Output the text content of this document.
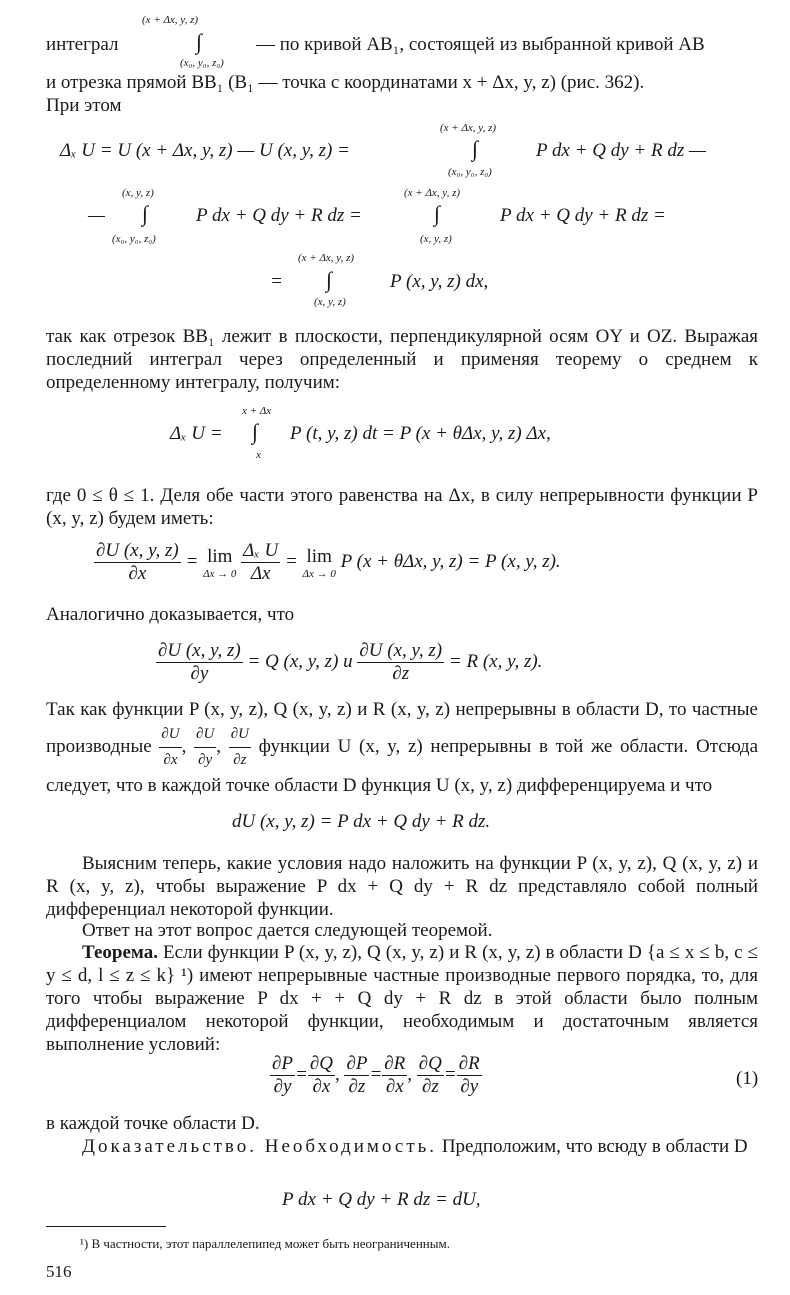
(x + Δx, y, z)
интеграл	∫	— по кривой AB₁, состоящей из выбранной кривой AB
(x₀, y₀, z₀)
и отрезка прямой BB₁ (B₁ — точка с координатами x + Δx, y, z) (рис. 362).
При этом
(x + Δx, y, z)
Δₓ U = U (x + Δx, y, z) — U (x, y, z) =	∫	P dx + Q dy + R dz —
(x₀, y₀, z₀)
(x, y, z)	(x + Δx, y, z)
— ∫	P dx + Q dy + R dz =	∫	P dx + Q dy + R dz =
(x₀, y₀, z₀)	(x, y, z)
(x + Δx, y, z)
= ∫	P (x, y, z) dx,
(x, y, z)
так как отрезок BB₁ лежит в плоскости, перпендикулярной осям OY и OZ. Выражая последний интеграл через определенный и применяя теорему о среднем к определенному интегралу, получим:
x + Δx
Δₓ U = ∫ P (t, y, z) dt = P (x + θΔx, y, z) Δx,
x
где 0 ≤ θ ≤ 1. Деля обе части этого равенства на Δx, в силу непрерывности функции P (x, y, z) будем иметь:
$\frac{\partial U (x, y, z)}{\partial x} = \lim$
Δx → 0
$\frac{\text{Δₓ U}}{\Delta x} = \lim$
Δx → 0
P (x + θΔx, y, z) = P (x, y, z).
Аналогично доказывается, что
$\frac{\partial U (x, y, z)}{\partial y} = Q$ (x, y, z) и $\frac{\partial U (x, y, z)}{\partial z} = R$ (x, y, z).
Так как функции P (x, y, z), Q (x, y, z) и R (x, y, z) непрерывны в области D, то частные производные $\frac{\partial U}{\partial x}$ , $\frac{\partial U}{\partial y}$ , $\frac{\partial U}{\partial z}$ функции U (x, y, z) непрерывны в той же области. Отсюда следует, что в каждой точке области D функция U (x, y, z) дифференцируема и что
dU (x, y, z) = P dx + Q dy + R dz.
Выясним теперь, какие условия надо наложить на функции P (x, y, z), Q (x, y, z) и R (x, y, z), чтобы выражение P dx + Q dy + R dz представляло собой полный дифференциал некоторой функции.
Ответ на этот вопрос дается следующей теоремой.
Теорема. Если функции P (x, y, z), Q (x, y, z) и R (x, y, z) в области D {a ≤ x ≤ b, c ≤ y ≤ d, l ≤ z ≤ k} ¹) имеют непрерывные частные производные первого порядка, то, для того чтобы выражение P dx + + Q dy + R dz в этой области было полным дифференциалом некоторой функции, необходимым и достаточным является выполнение условий:
$\frac{\partial P}{\partial y} = \frac{\partial Q}{\partial x}$ , $\frac{\partial P}{\partial z} = \frac{\partial R}{\partial x}$ , $\frac{\partial Q}{\partial z} = \frac{\partial R}{\partial y}$	(1)
в каждой точке области D.
Доказательство. Необходимость. Предположим, что всюду в области D
P dx + Q dy + R dz = dU,
¹) В частности, этот параллелепипед может быть неограниченным.
516
